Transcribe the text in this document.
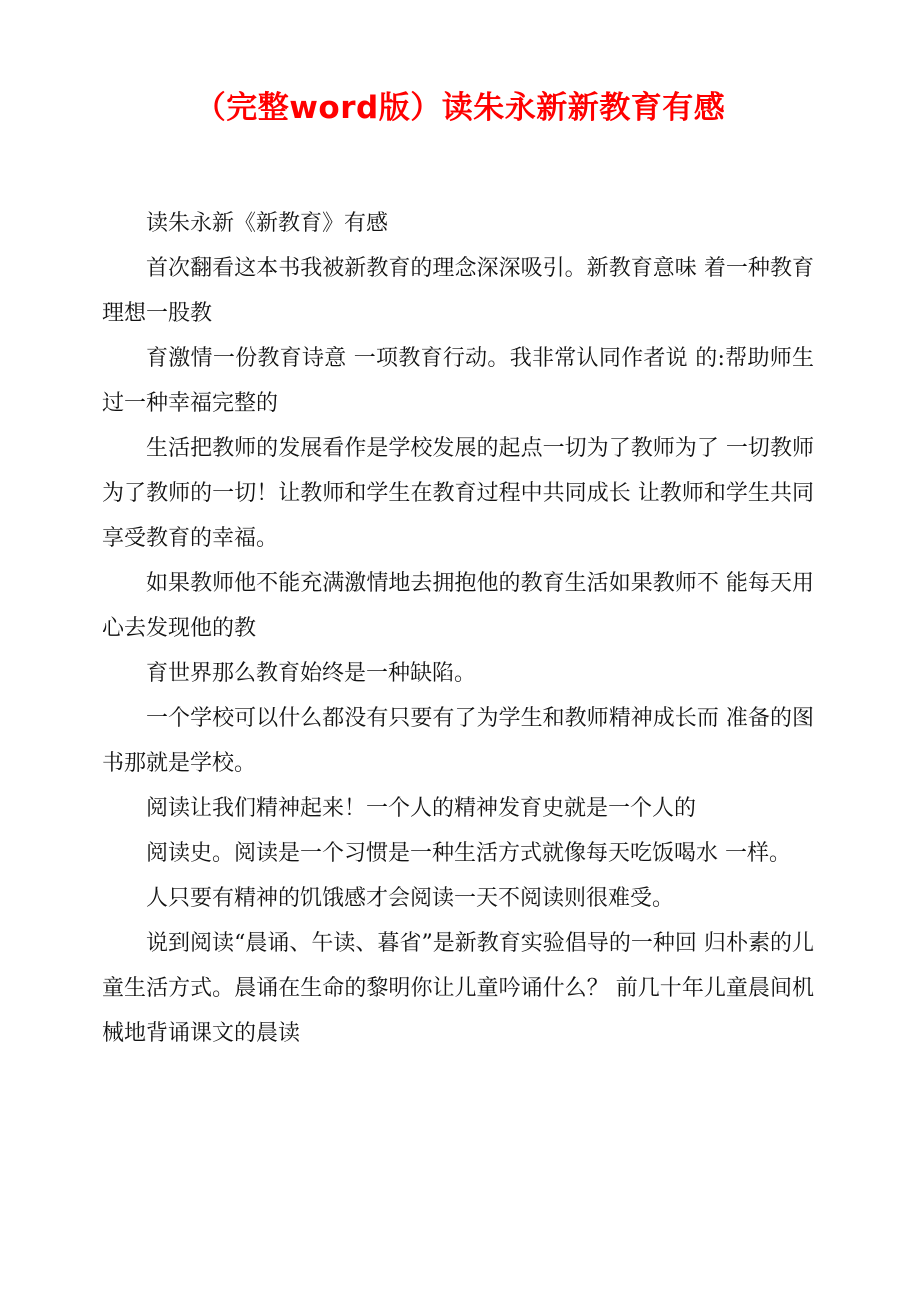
（完整word版）读朱永新新教育有感

读朱永新《新教育》有感

首次翻看这本书我被新教育的理念深深吸引。新教育意味 着一种教育理想一股教

育激情一份教育诗意 一项教育行动。我非常认同作者说 的:帮助师生过一种幸福完整的

生活把教师的发展看作是学校发展的起点一切为了教师为了 一切教师为了教师的一切！让教师和学生在教育过程中共同成长 让教师和学生共同享受教育的幸福。

如果教师他不能充满激情地去拥抱他的教育生活如果教师不 能每天用心去发现他的教

育世界那么教育始终是一种缺陷。

一个学校可以什么都没有只要有了为学生和教师精神成长而 准备的图书那就是学校。

阅读让我们精神起来！一个人的精神发育史就是一个人的

阅读史。阅读是一个习惯是一种生活方式就像每天吃饭喝水 一样。

人只要有精神的饥饿感才会阅读一天不阅读则很难受。

说到阅读“晨诵、午读、暮省”是新教育实验倡导的一种回 归朴素的儿童生活方式。晨诵在生命的黎明你让儿童吟诵什么？ 前几十年儿童晨间机械地背诵课文的晨读
